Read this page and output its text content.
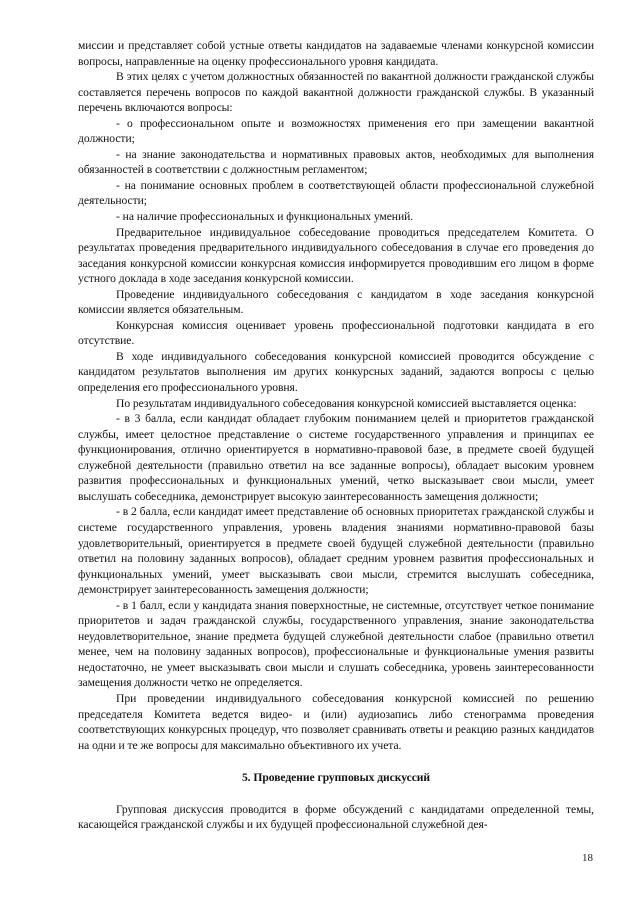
миссии и представляет собой устные ответы кандидатов на задаваемые членами конкурсной комиссии вопросы, направленные на оценку профессионального уровня кандидата.

В этих целях с учетом должностных обязанностей по вакантной должности гражданской службы составляется перечень вопросов по каждой вакантной должности гражданской службы. В указанный перечень включаются вопросы:

- о профессиональном опыте и возможностях применения его при замещении вакантной должности;

- на знание законодательства и нормативных правовых актов, необходимых для выполнения обязанностей в соответствии с должностным регламентом;

- на понимание основных проблем в соответствующей области профессиональной служебной деятельности;

- на наличие профессиональных и функциональных умений.

Предварительное индивидуальное собеседование проводиться председателем Комитета. О результатах проведения предварительного индивидуального собеседования в случае его проведения до заседания конкурсной комиссии конкурсная комиссия информируется проводившим его лицом в форме устного доклада в ходе заседания конкурсной комиссии.

Проведение индивидуального собеседования с кандидатом в ходе заседания конкурсной комиссии является обязательным.

Конкурсная комиссия оценивает уровень профессиональной подготовки кандидата в его отсутствие.

В ходе индивидуального собеседования конкурсной комиссией проводится обсуждение с кандидатом результатов выполнения им других конкурсных заданий, задаются вопросы с целью определения его профессионального уровня.

По результатам индивидуального собеседования конкурсной комиссией выставляется оценка:

- в 3 балла, если кандидат обладает глубоким пониманием целей и приоритетов гражданской службы, имеет целостное представление о системе государственного управления и принципах ее функционирования, отлично ориентируется в нормативно-правовой базе, в предмете своей будущей служебной деятельности (правильно ответил на все заданные вопросы), обладает высоким уровнем развития профессиональных и функциональных умений, четко высказывает свои мысли, умеет выслушать собеседника, демонстрирует высокую заинтересованность замещения должности;

- в 2 балла, если кандидат имеет представление об основных приоритетах гражданской службы и системе государственного управления, уровень владения знаниями нормативно-правовой базы удовлетворительный, ориентируется в предмете своей будущей служебной деятельности (правильно ответил на половину заданных вопросов), обладает средним уровнем развития профессиональных и функциональных умений, умеет высказывать свои мысли, стремится выслушать собеседника, демонстрирует заинтересованность замещения должности;

- в 1 балл, если у кандидата знания поверхностные, не системные, отсутствует четкое понимание приоритетов и задач гражданской службы, государственного управления, знание законодательства неудовлетворительное, знание предмета будущей служебной деятельности слабое (правильно ответил менее, чем на половину заданных вопросов), профессиональные и функциональные умения развиты недостаточно, не умеет высказывать свои мысли и слушать собеседника, уровень заинтересованности замещения должности четко не определяется.

При проведении индивидуального собеседования конкурсной комиссией по решению председателя Комитета ведется видео- и (или) аудиозапись либо стенограмма проведения соответствующих конкурсных процедур, что позволяет сравнивать ответы и реакцию разных кандидатов на одни и те же вопросы для максимально объективного их учета.

5. Проведение групповых дискуссий

Групповая дискуссия проводится в форме обсуждений с кандидатами определенной темы, касающейся гражданской службы и их будущей профессиональной служебной дея-

18
